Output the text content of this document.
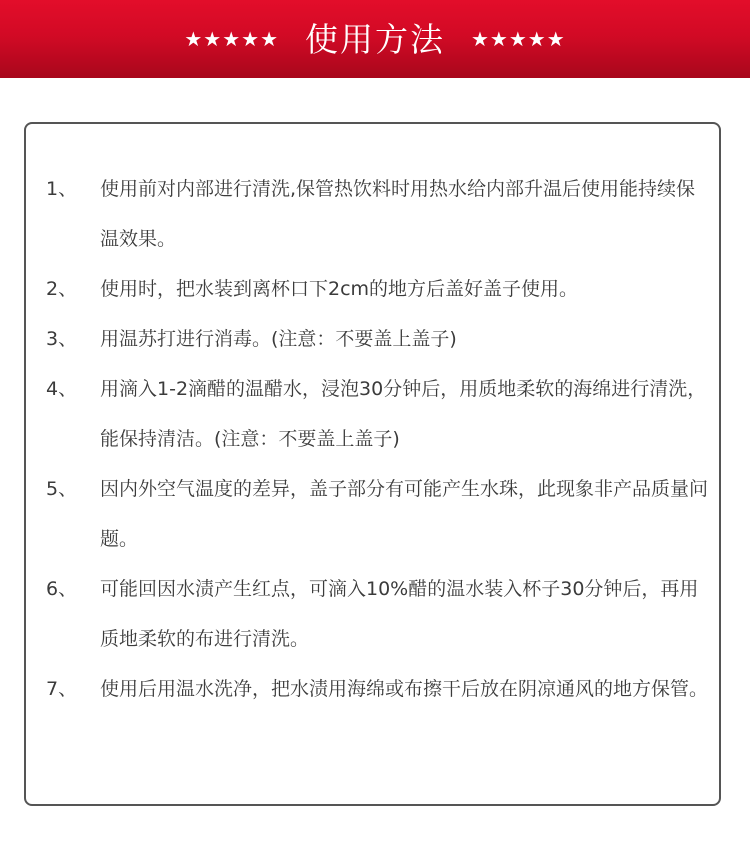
★★★★★ 使用方法 ★★★★★
1、 使用前对内部进行清洗,保管热饮料时用热水给内部升温后使用能持续保温效果。
2、 使用时，把水装到离杯口下2cm的地方后盖好盖子使用。
3、 用温苏打进行消毒。(注意：不要盖上盖子)
4、 用滴入1-2滴醋的温醋水，浸泡30分钟后，用质地柔软的海绵进行清洗，能保持清洁。(注意：不要盖上盖子)
5、 因内外空气温度的差异，盖子部分有可能产生水珠，此现象非产品质量问题。
6、 可能回因水渍产生红点，可滴入10%醋的温水装入杯子30分钟后，再用质地柔软的布进行清洗。
7、 使用后用温水洗净，把水渍用海绵或布擦干后放在阴凉通风的地方保管。
